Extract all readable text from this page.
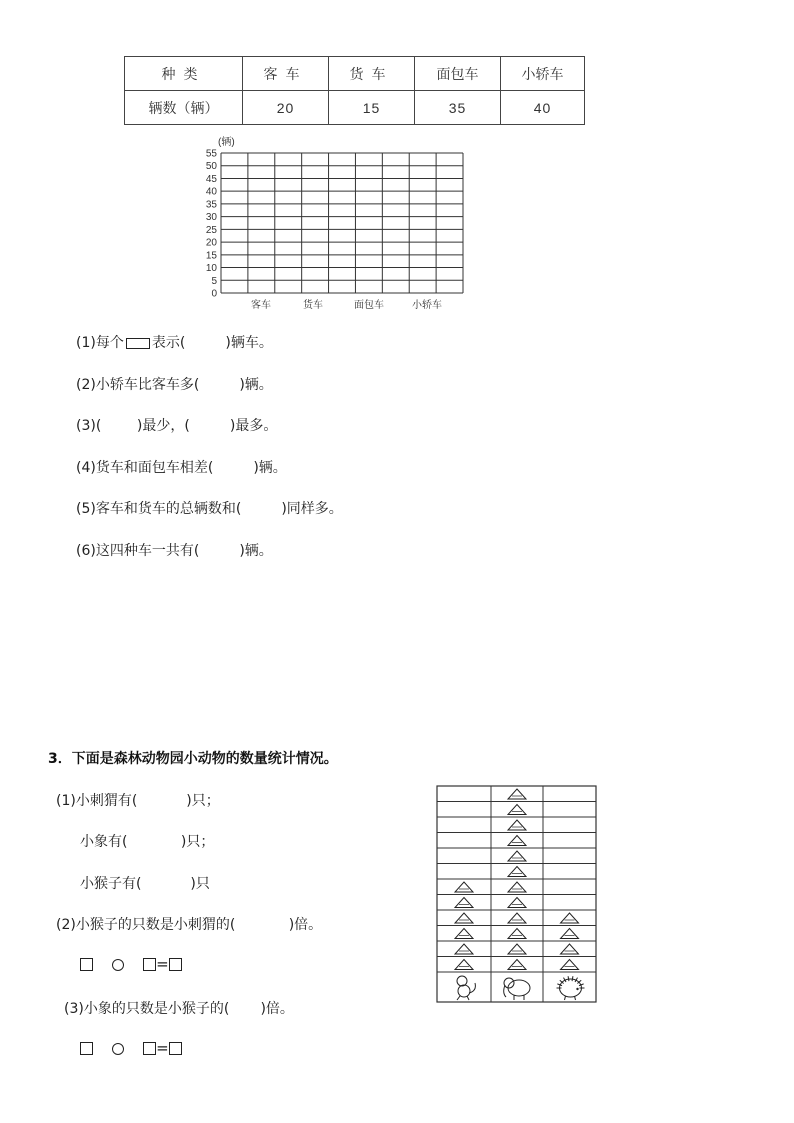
种类	客车	货车	面包车	小轿车
辆数（辆）	20	15	35	40
(辆)
0
5
10
15
20
25
30
35
40
45
50
55
客车	货车	面包车	小轿车
(1)每个 表示(         )辆车。
(2)小轿车比客车多(         )辆。
(3)(        )最少，(         )最多。
(4)货车和面包车相差(         )辆。
(5)客车和货车的总辆数和(         )同样多。
(6)这四种车一共有(         )辆。
3．下面是森林动物园小动物的数量统计情况。
(1)小刺猬有(           )只；
小象有(            )只；
小猴子有(           )只
(2)小猴子的只数是小刺猬的(            )倍。
=
(3)小象的只数是小猴子的(       )倍。
=
